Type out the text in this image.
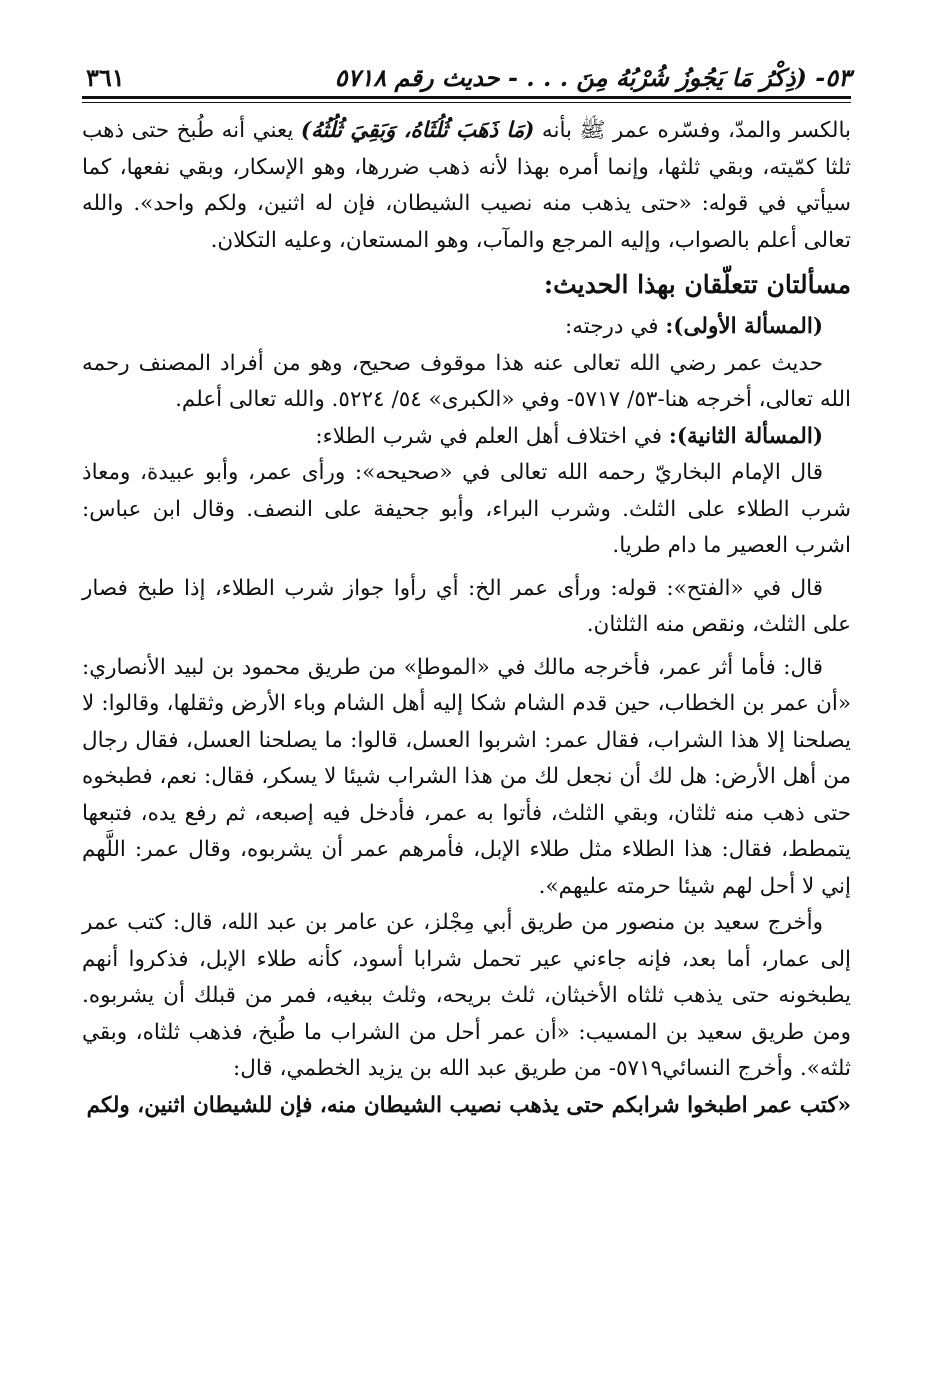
٥٣- (ذِكْرُ مَا يَجُوزُ شُرْبُهُ مِنَ . . . - حديث رقم ٥٧١٨
٣٦١

بالكسر والمدّ، وفسّره عمر ﷺ بأنه (مَا ذَهَبَ ثُلُثَاهُ، وَبَقِيَ ثُلُثُهُ) يعني أنه طُبخ حتى ذهب ثلثا كمّيته، وبقي ثلثها، وإنما أمره بهذا لأنه ذهب ضررها، وهو الإسكار، وبقي نفعها، كما سيأتي في قوله: «حتى يذهب منه نصيب الشيطان، فإن له اثنين، ولكم واحد». والله تعالى أعلم بالصواب، وإليه المرجع والمآب، وهو المستعان، وعليه التكلان.

مسألتان تتعلّقان بهذا الحديث:

(المسألة الأولى): في درجته:

حديث عمر رضي الله تعالى عنه هذا موقوف صحيح، وهو من أفراد المصنف رحمه الله تعالى، أخرجه هنا-٥٣/ ٥٧١٧- وفي «الكبرى» ٥٤/ ٥٢٢٤. والله تعالى أعلم.

(المسألة الثانية): في اختلاف أهل العلم في شرب الطلاء:

قال الإمام البخاريّ رحمه الله تعالى في «صحيحه»: ورأى عمر، وأبو عبيدة، ومعاذ شرب الطلاء على الثلث. وشرب البراء، وأبو جحيفة على النصف. وقال ابن عباس: اشرب العصير ما دام طريا.

قال في «الفتح»: قوله: ورأى عمر الخ: أي رأوا جواز شرب الطلاء، إذا طبخ فصار على الثلث، ونقص منه الثلثان.

قال: فأما أثر عمر، فأخرجه مالك في «الموطإ» من طريق محمود بن لبيد الأنصاري: «أن عمر بن الخطاب، حين قدم الشام شكا إليه أهل الشام وباء الأرض وثقلها، وقالوا: لا يصلحنا إلا هذا الشراب، فقال عمر: اشربوا العسل، قالوا: ما يصلحنا العسل، فقال رجال من أهل الأرض: هل لك أن نجعل لك من هذا الشراب شيئا لا يسكر، فقال: نعم، فطبخوه حتى ذهب منه ثلثان، وبقي الثلث، فأتوا به عمر، فأدخل فيه إصبعه، ثم رفع يده، فتبعها يتمطط، فقال: هذا الطلاء مثل طلاء الإبل، فأمرهم عمر أن يشربوه، وقال عمر: اللَّهم إني لا أحل لهم شيئا حرمته عليهم».

وأخرج سعيد بن منصور من طريق أبي مِجْلز، عن عامر بن عبد الله، قال: كتب عمر إلى عمار، أما بعد، فإنه جاءني عير تحمل شرابا أسود، كأنه طلاء الإبل، فذكروا أنهم يطبخونه حتى يذهب ثلثاه الأخبثان، ثلث بريحه، وثلث ببغيه، فمر من قبلك أن يشربوه. ومن طريق سعيد بن المسيب: «أن عمر أحل من الشراب ما طُبخ، فذهب ثلثاه، وبقي ثلثه». وأخرج النسائي٥٧١٩- من طريق عبد الله بن يزيد الخطمي، قال:

«كتب عمر اطبخوا شرابكم حتى يذهب نصيب الشيطان منه، فإن للشيطان اثنين، ولكم
